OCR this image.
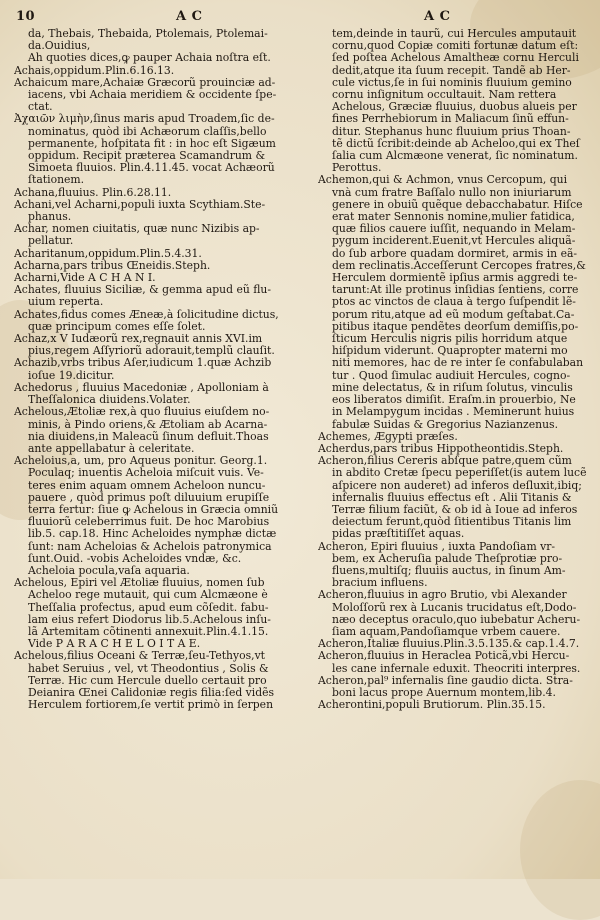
10	A C	A C
da, Thebais, Thebaida, Ptolemais, Ptolemai-
da.Ouidius,
Ah quoties dices,ꝙ pauper Achaia noſtra eſt.
Achais,oppidum.Plin.6.16.13.
Achaicum mare,Achaiæ Græcorũ prouinciæ ad-
iacens, vbi Achaia meridiem & occidente ſpe-
ctat.
Ἀχαιῶν λιμὴν,ſinus maris apud Troadem,ſic de-
nominatus, quòd ibi Achæorum claſſis,bello
permanente, hoſpitata fit : in hoc eſt Sigæum
oppidum. Recipit præterea Scamandrum &
Simoeta fluuios. Plin.4.11.45. vocat Achæorũ
ſtationem.
Achana,fluuius. Plin.6.28.11.
Achani,vel Acharni,populi iuxta Scythiam.Ste-
phanus.
Achar, nomen ciuitatis, quæ nunc Nizibis ap-
pellatur.
Acharitanum,oppidum.Plin.5.4.31.
Acharna,pars tribus Œneidis.Steph.
Acharni,Vide A C H A N I.
Achates, fluuius Siciliæ, & gemma apud eũ flu-
uium reperta.
Achates,fidus comes Æneæ,à ſolicitudine dictus,
quæ principum comes eſſe ſolet.
Achaz,x V Iudæorũ rex,regnauit annis XVI.im
pius,regem Aſſyriorũ adorauit,templũ clauſit.
Achazib,vrbs tribus Aſer,iudicum 1.quæ Achzib
ioſue 19.dicitur.
Achedorus , fluuius Macedoniæ , Apolloniam à
Theſſalonica diuidens.Volater.
Achelous,Ætoliæ rex,à quo fluuius eiuſdem no-
minis, à Pindo oriens,& Ætoliam ab Acarna-
nia diuidens,in Maleacũ ſinum defluit.Thoas
ante appellabatur à celeritate.
Acheloius,a, um, pro Aqueus ponitur. Georg.1.
Poculaq; inuentis Acheloia miſcuit vuis. Ve-
teres enim aquam omnem Acheloon nuncu-
pauere , quòd primus poſt diluuium erupiſſe
terra fertur: ſiue ꝙ Achelous in Græcia omniũ
fluuiorũ celeberrimus fuit. De hoc Marobius
lib.5. cap.18. Hinc Acheloides nymphæ dictæ
ſunt: nam Acheloias & Achelois patronymica
ſunt.Ouid. -vobis Acheloides vndæ, &c.
Acheloia pocula,vaſa aquaria.
Achelous, Epiri vel Ætoliæ fluuius, nomen ſub
Acheloo rege mutauit, qui cum Alcmæone è
Theſſalia profectus, apud eum cõſedit. fabu-
lam eius refert Diodorus lib.5.Achelous inſu-
lã Artemitam cõtinenti annexuit.Plin.4.1.15.
Vide P A R A C H E L O I T A E.
Achelous,filius Oceani & Terræ,ſeu-Tethyos,vt
habet Seruius , vel, vt Theodontius , Solis &
Terræ. Hic cum Hercule duello certauit pro
Deianira Œnei Calidoniæ regis filia:ſed vidẽs
Herculem fortiorem,ſe vertit primò in ſerpen
tem,deinde in taurũ, cui Hercules amputauit
cornu,quod Copiæ comiti fortunæ datum eſt:
ſed poſtea Achelous Amaltheæ cornu Herculi
dedit,atque ita ſuum recepit. Tandẽ ab Her-
cule victus,ſe in ſui nominis fluuium gemino
cornu inſignitum occultauit. Nam rettera
Achelous, Græciæ fluuius, duobus alueis per
fines Perrhebiorum in Maliacum ſinũ effun-
ditur. Stephanus hunc fluuium prius Thoan-
tẽ dictũ ſcribit:deinde ab Acheloo,qui ex Theſ
ſalia cum Alcmæone venerat, ſic nominatum.
Perottus.
Achemon,qui & Achmon, vnus Cercopum, qui
vnà cum fratre Baſſalo nullo non iniuriarum
genere in obuiũ quẽque debacchabatur. Hiſce
erat mater Sennonis nomine,mulier fatidica,
quæ filios cauere iuſſit, nequando in Melam-
pygum inciderent.Euenit,vt Hercules aliquã-
do ſub arbore quadam dormiret, armis in eã-
dem reclinatis.Acceſſerunt Cercopes fratres,&
Herculem dormientẽ ipſius armis aggredi te-
tarunt:At ille protinus inſidias ſentiens, corre
ptos ac vinctos de claua à tergo ſuſpendit lẽ-
porum ritu,atque ad eũ modum geſtabat.Ca-
pitibus itaque pendẽtes deorſum demiſſis,po-
ſticum Herculis nigris pilis horridum atque
hiſpidum viderunt. Quapropter materni mo
niti memores, hac de re inter ſe confabulaban
tur . Quod ſimulac audiuit Hercules, cogno-
mine delectatus, & in riſum ſolutus, vinculis
eos liberatos dimiſit. Eraſm.in prouerbio, Ne
in Melampygum incidas . Meminerunt huius
fabulæ Suidas & Gregorius Nazianzenus.
Achemes, Ægypti præſes.
Acherdus,pars tribus Hippotheontidis.Steph.
Acheron,filius Cereris abſque patre,quem cũm
in abdito Cretæ ſpecu peperiſſet(is autem lucẽ
aſpicere non auderet) ad inferos deſluxit,ibiq;
infernalis fluuius effectus eſt . Alii Titanis &
Terræ filium faciũt, & ob id à Ioue ad inferos
deiectum ferunt,quòd ſitientibus Titanis lim
pidas præſtitiſſet aquas.
Acheron, Epiri fluuius , iuxta Pandoſiam vr-
bem, ex Acheruſia palude Theſprotiæ pro-
fluens,multiſq; fluuiis auctus, in ſinum Am-
bracium influens.
Acheron,fluuius in agro Brutio, vbi Alexander
Moloſſorũ rex à Lucanis trucidatus eſt,Dodo-
næo deceptus oraculo,quo iubebatur Acheru-
ſiam aquam,Pandoſiamque vrbem cauere.
Acheron,Italiæ fluuius.Plin.3.5.135.& cap.1.4.7.
Acheron,fluuius in Heraclea Poticã,vbi Hercu-
les cane infernale eduxit. Theocriti interpres.
Acheron,pal⁹ infernalis ſine gaudio dicta. Stra-
boni lacus prope Auernum montem,lib.4.
Acherontini,populi Brutiorum. Plin.35.15.
